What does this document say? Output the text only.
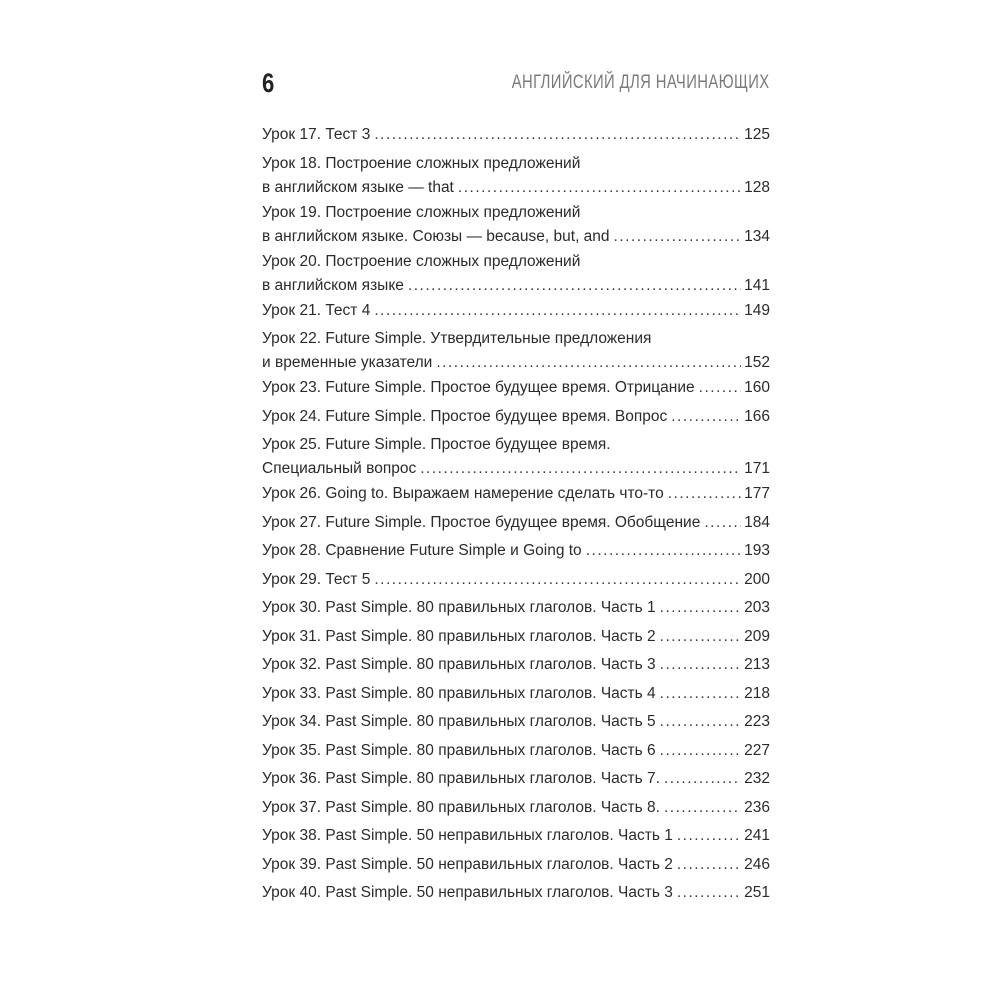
6	АНГЛИЙСКИЙ ДЛЯ НАЧИНАЮЩИХ
Урок 17. Тест 3 . . .	125
Урок 18. Построение сложных предложений
в английском языке — that . . .	128
Урок 19. Построение сложных предложений
в английском языке. Союзы — because, but, and . . .	134
Урок 20. Построение сложных предложений
в английском языке . . .	141
Урок 21. Тест 4 . . .	149
Урок 22. Future Simple. Утвердительные предложения
и временные указатели . . .	152
Урок 23. Future Simple. Простое будущее время. Отрицание . . .	160
Урок 24. Future Simple. Простое будущее время. Вопрос . . .	166
Урок 25. Future Simple. Простое будущее время.
Специальный вопрос . . .	171
Урок 26. Going to. Выражаем намерение сделать что-то . . .	177
Урок 27. Future Simple. Простое будущее время. Обобщение . . .	184
Урок 28. Сравнение Future Simple и Going to . . .	193
Урок 29. Тест 5 . . .	200
Урок 30. Past Simple. 80 правильных глаголов. Часть 1 . . .	203
Урок 31. Past Simple. 80 правильных глаголов. Часть 2 . . .	209
Урок 32. Past Simple. 80 правильных глаголов. Часть 3 . . .	213
Урок 33. Past Simple. 80 правильных глаголов. Часть 4 . . .	218
Урок 34. Past Simple. 80 правильных глаголов. Часть 5 . . .	223
Урок 35. Past Simple. 80 правильных глаголов. Часть 6 . . .	227
Урок 36. Past Simple. 80 правильных глаголов. Часть 7. . . .	232
Урок 37. Past Simple. 80 правильных глаголов. Часть 8. . . .	236
Урок 38. Past Simple. 50 неправильных глаголов. Часть 1 . . .	241
Урок 39. Past Simple. 50 неправильных глаголов. Часть 2 . . .	246
Урок 40. Past Simple. 50 неправильных глаголов. Часть 3 . . .	251
